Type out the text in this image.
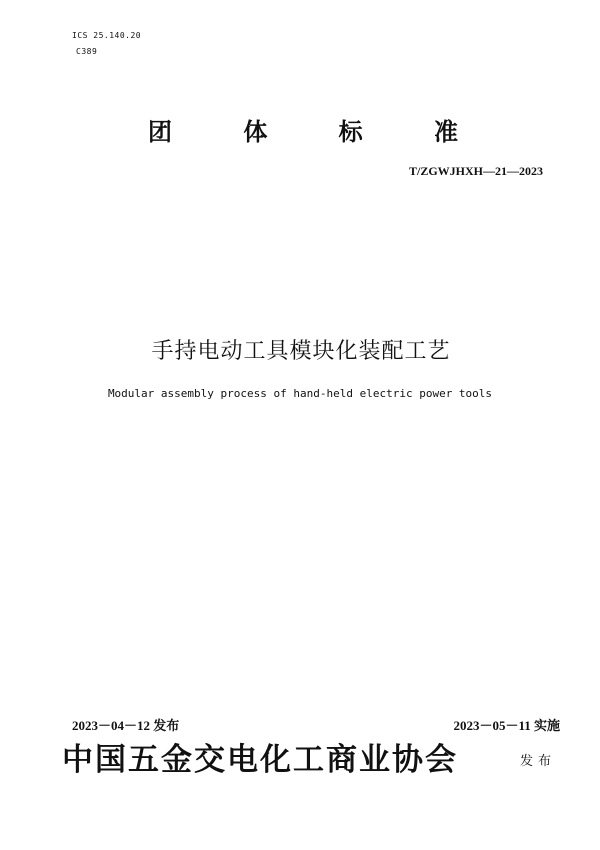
ICS 25.140.20
C389
团	体	标	准
T/ZGWJHXH—21—2023
手持电动工具模块化装配工艺
Modular assembly process of hand-held electric power tools
2023－04－12 发布	2023－05－11 实施
中国五金交电化工商业协会	发布
